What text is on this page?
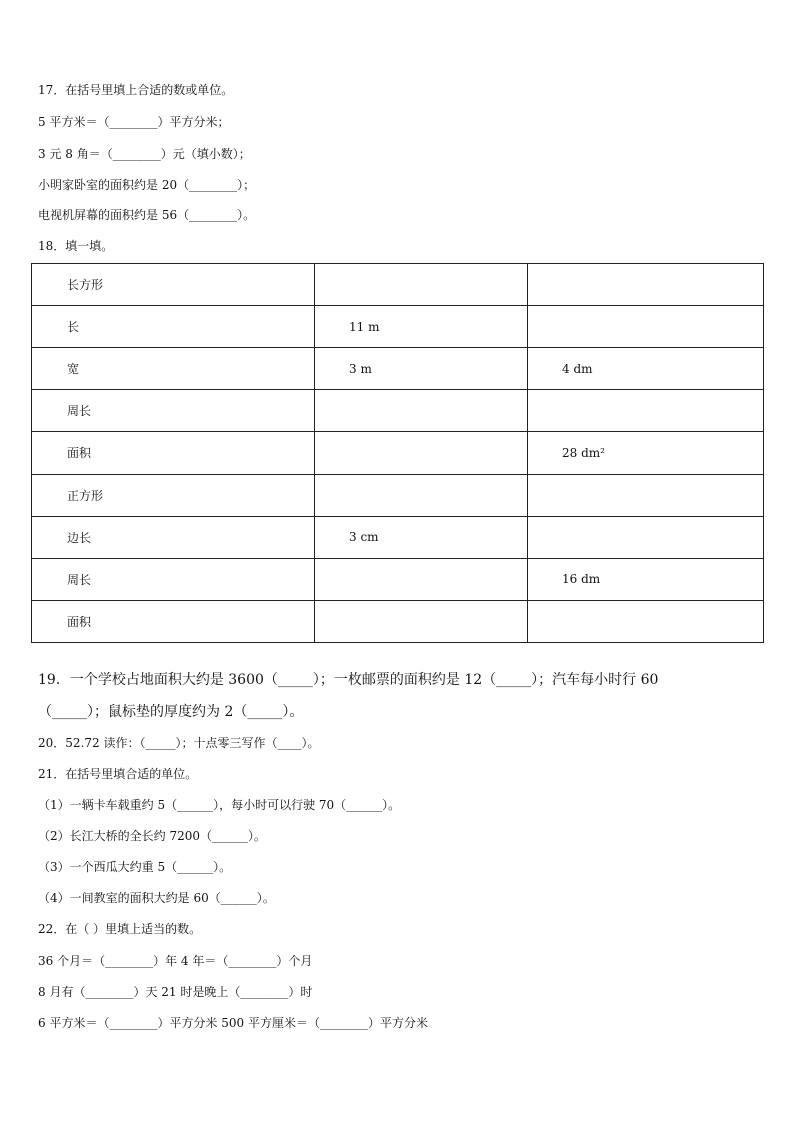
17．在括号里填上合适的数或单位。
5 平方米＝（________）平方分米；
3 元 8 角＝（________）元（填小数）；
小明家卧室的面积约是 20（________）；
电视机屏幕的面积约是 56（________）。
18．填一填。
长方形		
长	11 m	
宽	3 m	4 dm
周长		
面积		28 dm²
正方形		
边长	3 cm	
周长		16 dm
面积		
19．一个学校占地面积大约是 3600（_____）；一枚邮票的面积约是 12（_____）；汽车每小时行 60
（_____）；鼠标垫的厚度约为 2（_____）。
20．52.72 读作：（_____）；十点零三写作（____）。
21．在括号里填合适的单位。
（1）一辆卡车载重约 5（______），每小时可以行驶 70（______）。
（2）长江大桥的全长约 7200（______）。
（3）一个西瓜大约重 5（______）。
（4）一间教室的面积大约是 60（______）。
22．在（ ）里填上适当的数。
36 个月＝（________）年 4 年＝（________）个月
8 月有（________）天 21 时是晚上（________）时
6 平方米＝（________）平方分米 500 平方厘米＝（________）平方分米
